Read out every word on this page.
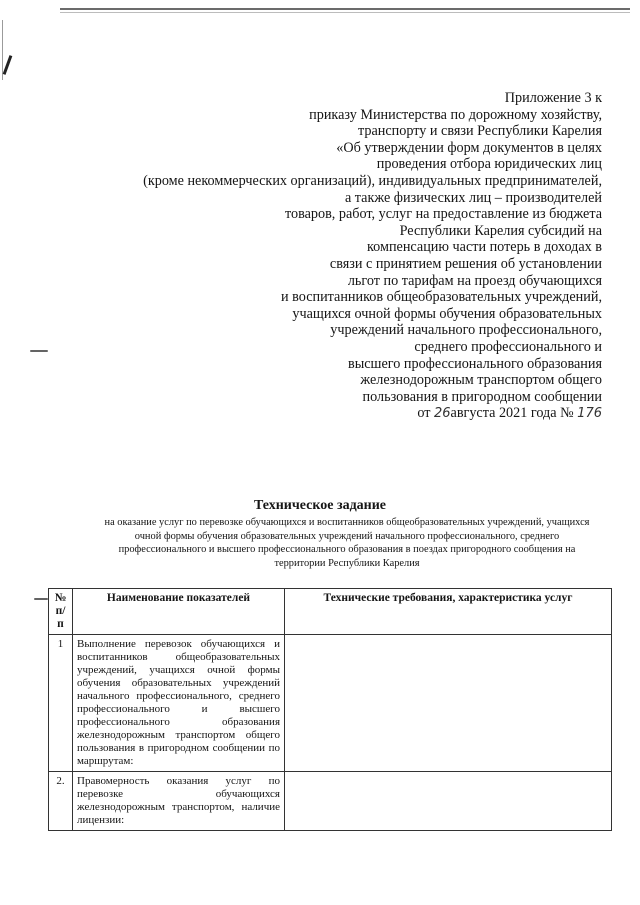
Приложение 3 к
приказу Министерства по дорожному хозяйству,
транспорту и связи Республики Карелия
«Об утверждении форм документов в целях
проведения отбора юридических лиц
(кроме некоммерческих организаций), индивидуальных предпринимателей,
а также физических лиц – производителей
товаров, работ, услуг на предоставление из бюджета
Республики Карелия субсидий на
компенсацию части потерь в доходах в
связи с принятием решения об установлении
льгот по тарифам на проезд обучающихся
и воспитанников общеобразовательных учреждений,
учащихся очной формы обучения образовательных
учреждений начального профессионального,
среднего профессионального и
высшего профессионального образования
железнодорожным транспортом общего
пользования в пригородном сообщении
от 26августа 2021 года № 176
Техническое задание
на оказание услуг по перевозке обучающихся и воспитанников общеобразовательных учреждений, учащихся очной формы обучения образовательных учреждений начального профессионального, среднего профессионального и высшего профессионального образования в поездах пригородного сообщения на территории Республики Карелия
№ п/п	Наименование показателей	Технические требования, характеристика услуг
1	Выполнение перевозок обучающихся и воспитанников общеобразовательных учреждений, учащихся очной формы обучения образовательных учреждений начального профессионального, среднего профессионального и высшего профессионального образования железнодорожным транспортом общего пользования в пригородном сообщении по маршрутам:	
2.	Правомерность оказания услуг по перевозке обучающихся железнодорожным транспортом, наличие лицензии:	
